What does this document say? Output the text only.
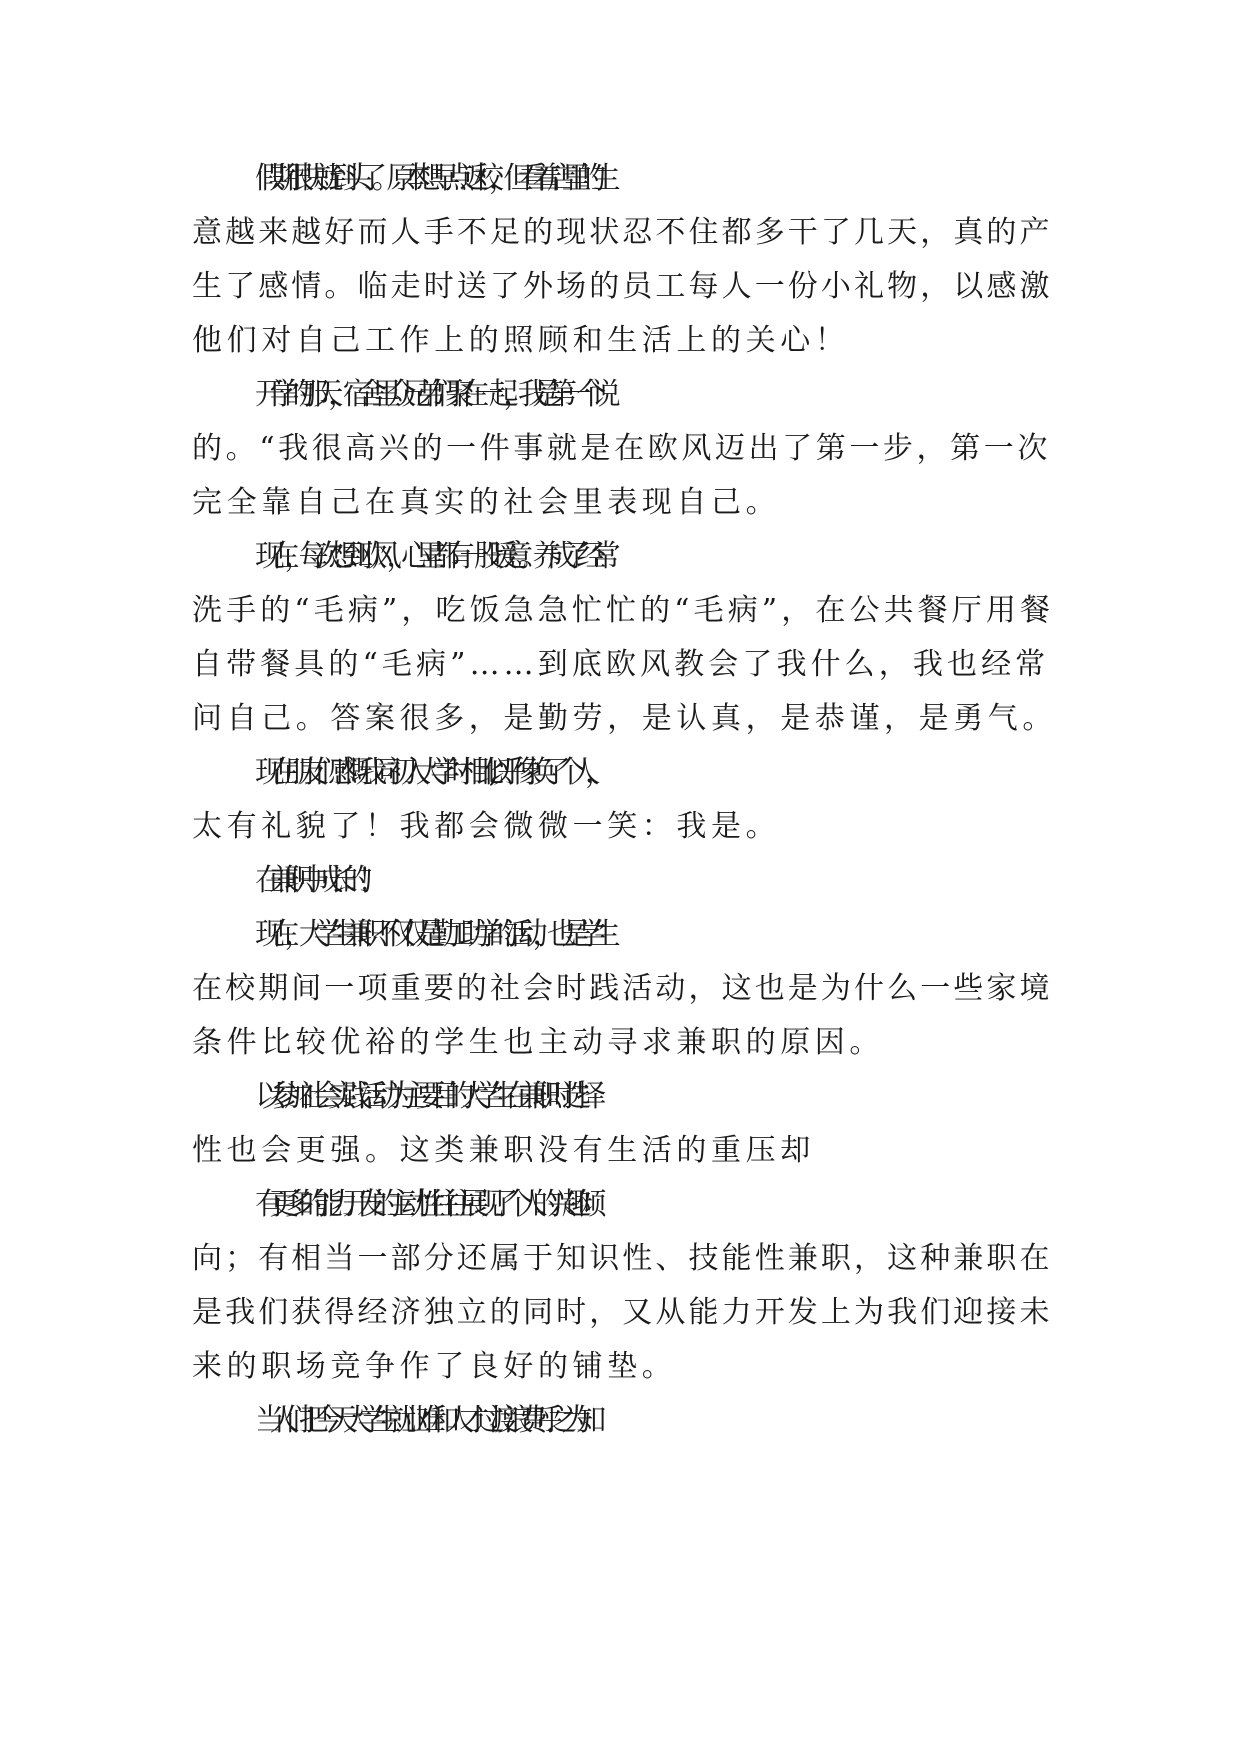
假期很快就到头了。原本想早点返校，但看着店里的生
意越来越好而人手不足的现状忍不住都多干了几天，真的产
生了感情。临走时送了外场的员工每人一份小礼物，以感激
他们对自己工作上的照顾和生活上的关心！
开学的那天，宿舍里众兄弟们聚在一起，我是第一个说
的。“我很高兴的一件事就是在欧风迈出了第一步，第一次
完全靠自己在真实的社会里表现自己。
现在，每次想到欧风，心里都有一股暖意。养成了经常
洗手的“毛病”，吃饭急急忙忙的“毛病”，在公共餐厅用餐
自带餐具的“毛病”……到底欧风教会了我什么，我也经常
问自己。答案很多，是勤劳，是认真，是恭谨，是勇气。
现在朋友们感慨我同初入大学时相比,似乎像换了个人，
太有礼貌了！我都会微微一笑：我是。
在兼职中成长的！
现在，大学生兼职不仅仅是勤工助学的活动，也是学生
在校期间一项重要的社会时践活动，这也是为什么一些家境
条件比较优裕的学生也主动寻求兼职的原因。
以参加社会实践活动为主要目的大学生在兼职时选择
性也会更强。这类兼职没有生活的重压却
有更多的能力开发的主动性往往展现了个人的兴趣倾
向；有相当一部分还属于知识性、技能性兼职，这种兼职在
是我们获得经济独立的同时，又从能力开发上为我们迎接未
来的职场竞争作了良好的铺垫。
当人们把今天大学生就业难和人才过渡浪费呼之为知
